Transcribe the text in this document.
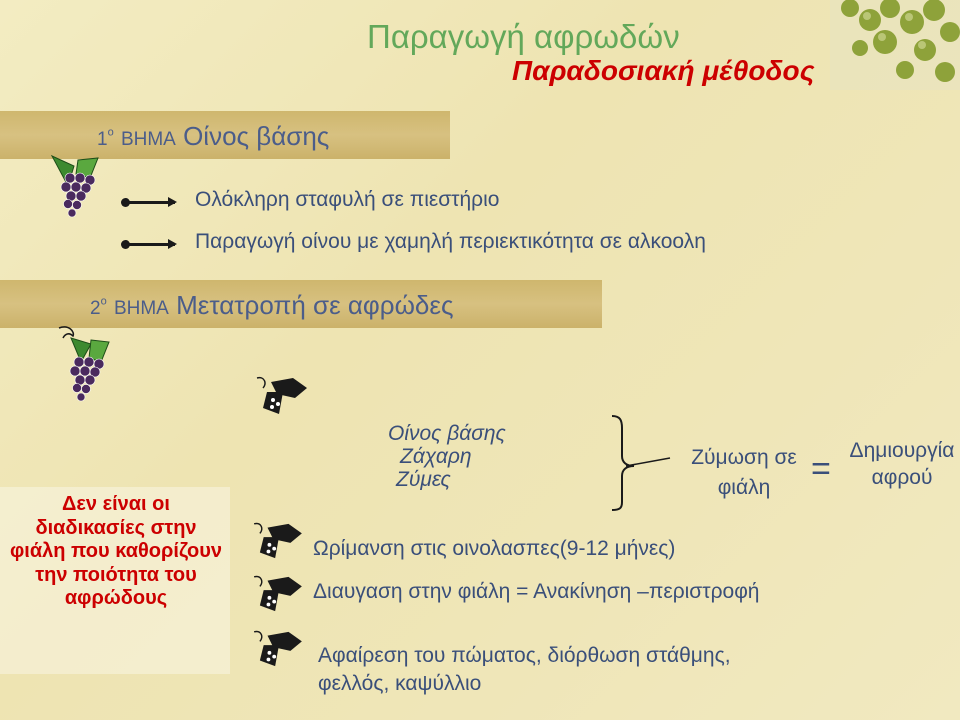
Παραγωγή αφρωδών
Παραδοσιακή μέθοδος
$1^o$ ΒΗΜΑ Οίνος βάσης
Ολόκληρη σταφυλή σε πιεστήριο
Παραγωγή οίνου με χαμηλή περιεκτικότητα σε αλκοολη
$2^o$ ΒΗΜΑ Μετατροπή σε αφρώδες
Οίνος βάσης
Ζάχαρη
Ζύμες
Ζύμωση σε
φιάλη	= Δημιουργία
αφρού
Ωρίμανση στις οινολασπες(9-12 μήνες)
Διαυγαση στην φιάλη = Ανακίνηση –περιστροφή
Αφαίρεση του πώματος, διόρθωση στάθμης,
φελλός, καψύλλιο
Δεν είναι οι διαδικασίες στην φιάλη που καθορίζουν την ποιότητα του αφρώδους
